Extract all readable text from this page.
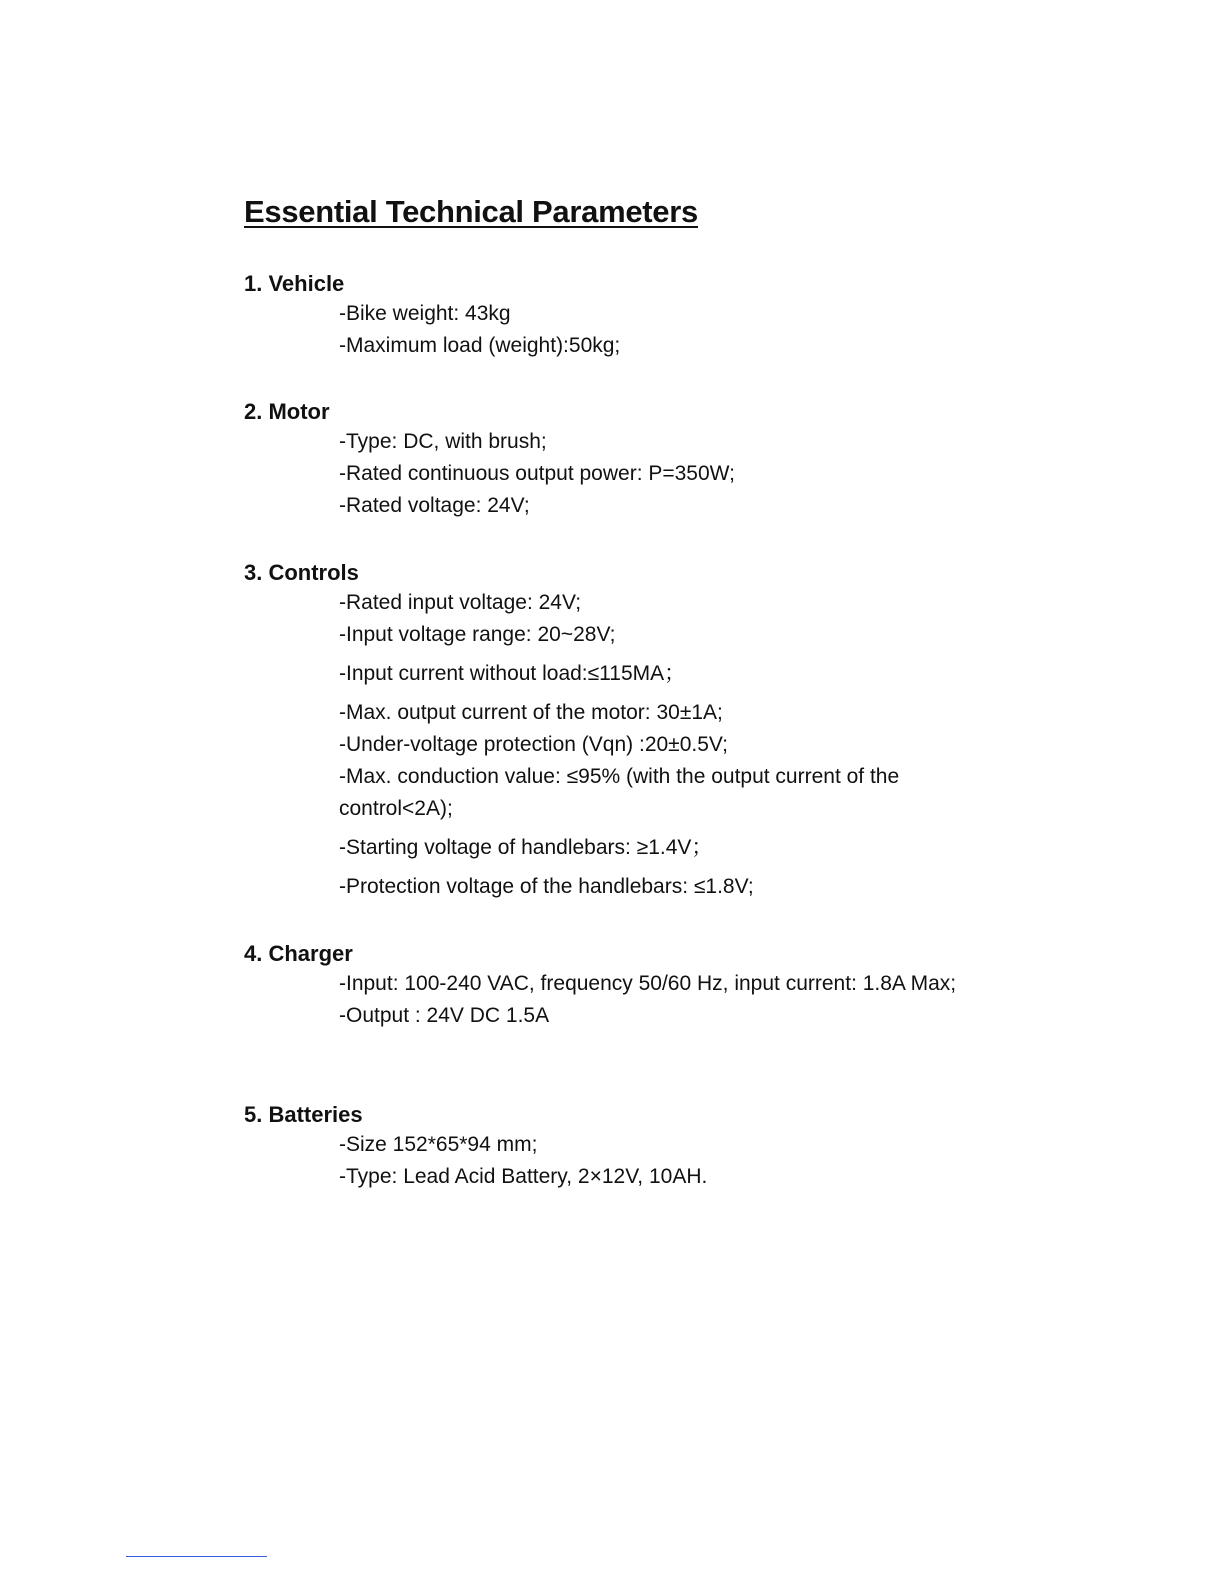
Essential Technical Parameters
1. Vehicle
-Bike weight: 43kg
-Maximum load (weight):50kg;
2. Motor
-Type: DC, with brush;
-Rated continuous output power: P=350W;
-Rated voltage: 24V;
3. Controls
-Rated input voltage: 24V;
-Input voltage range: 20~28V;
-Input current without load:≤115MA；
-Max. output current of the motor: 30±1A;
-Under-voltage protection (Vqn) :20±0.5V;
-Max. conduction value: ≤95% (with the output current of the control<2A);
-Starting voltage of handlebars: ≥1.4V；
-Protection voltage of the handlebars: ≤1.8V;
4. Charger
-Input: 100-240 VAC, frequency 50/60 Hz, input current: 1.8A Max;
-Output : 24V DC 1.5A
5. Batteries
-Size 152*65*94 mm;
-Type: Lead Acid Battery, 2×12V, 10AH.
